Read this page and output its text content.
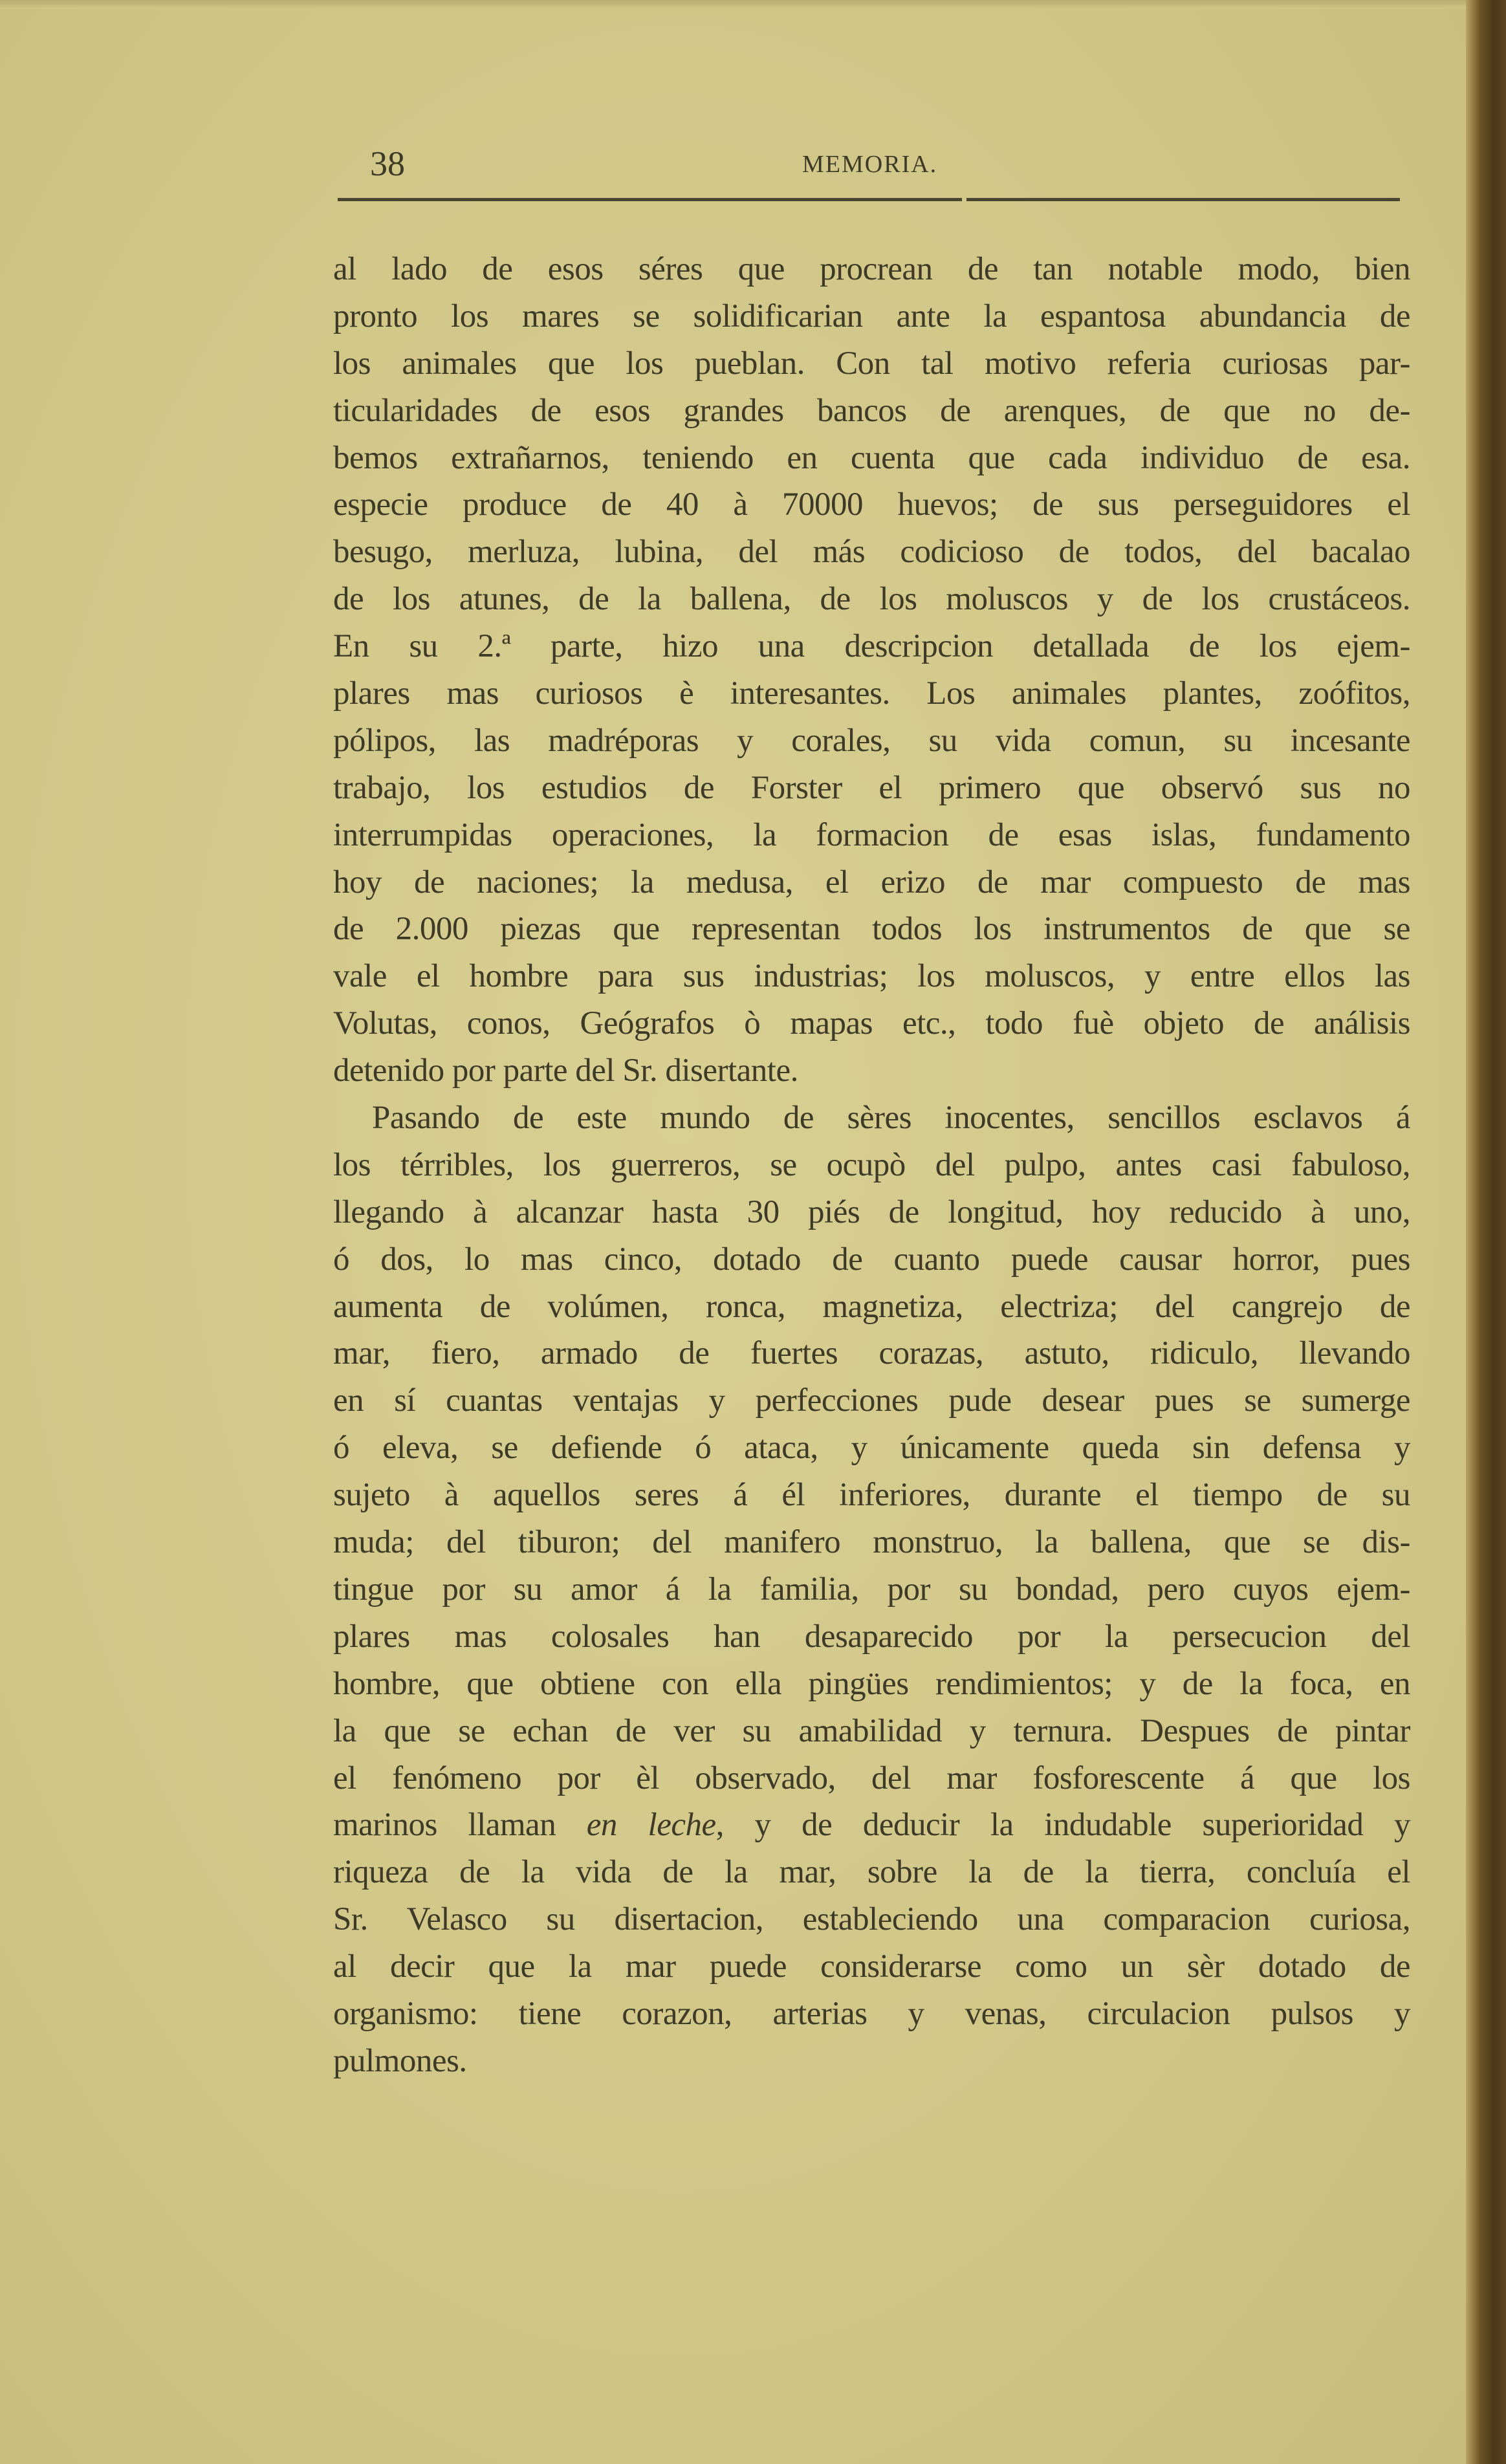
38	MEMORIA.
al lado de esos séres que procrean de tan notable modo, bien
pronto los mares se solidificarian ante la espantosa abundancia de
los animales que los pueblan. Con tal motivo referia curiosas par-
ticularidades de esos grandes bancos de arenques, de que no de-
bemos extrañarnos, teniendo en cuenta que cada individuo de esa.
especie produce de 40 à 70000 huevos; de sus perseguidores el
besugo, merluza, lubina, del más codicioso de todos, del bacalao
de los atunes, de la ballena, de los moluscos y de los crustáceos.
En su 2.ª parte, hizo una descripcion detallada de los ejem-
plares mas curiosos è interesantes. Los animales plantes, zoófitos,
pólipos, las madréporas y corales, su vida comun, su incesante
trabajo, los estudios de Forster el primero que observó sus no
interrumpidas operaciones, la formacion de esas islas, fundamento
hoy de naciones; la medusa, el erizo de mar compuesto de mas
de 2.000 piezas que representan todos los instrumentos de que se
vale el hombre para sus industrias; los moluscos, y entre ellos las
Volutas, conos, Geógrafos ò mapas etc., todo fuè objeto de análisis
detenido por parte del Sr. disertante.
Pasando de este mundo de sères inocentes, sencillos esclavos á
los térribles, los guerreros, se ocupò del pulpo, antes casi fabuloso,
llegando à alcanzar hasta 30 piés de longitud, hoy reducido à uno,
ó dos, lo mas cinco, dotado de cuanto puede causar horror, pues
aumenta de volúmen, ronca, magnetiza, electriza; del cangrejo de
mar, fiero, armado de fuertes corazas, astuto, ridiculo, llevando
en sí cuantas ventajas y perfecciones pude desear pues se sumerge
ó eleva, se defiende ó ataca, y únicamente queda sin defensa y
sujeto à aquellos seres á él inferiores, durante el tiempo de su
muda; del tiburon; del manifero monstruo, la ballena, que se dis-
tingue por su amor á la familia, por su bondad, pero cuyos ejem-
plares mas colosales han desaparecido por la persecucion del
hombre, que obtiene con ella pingües rendimientos; y de la foca, en
la que se echan de ver su amabilidad y ternura. Despues de pintar
el fenómeno por èl observado, del mar fosforescente á que los
marinos llaman en leche, y de deducir la indudable superioridad y
riqueza de la vida de la mar, sobre la de la tierra, concluía el
Sr. Velasco su disertacion, estableciendo una comparacion curiosa,
al decir que la mar puede considerarse como un sèr dotado de
organismo: tiene corazon, arterias y venas, circulacion pulsos y
pulmones.
